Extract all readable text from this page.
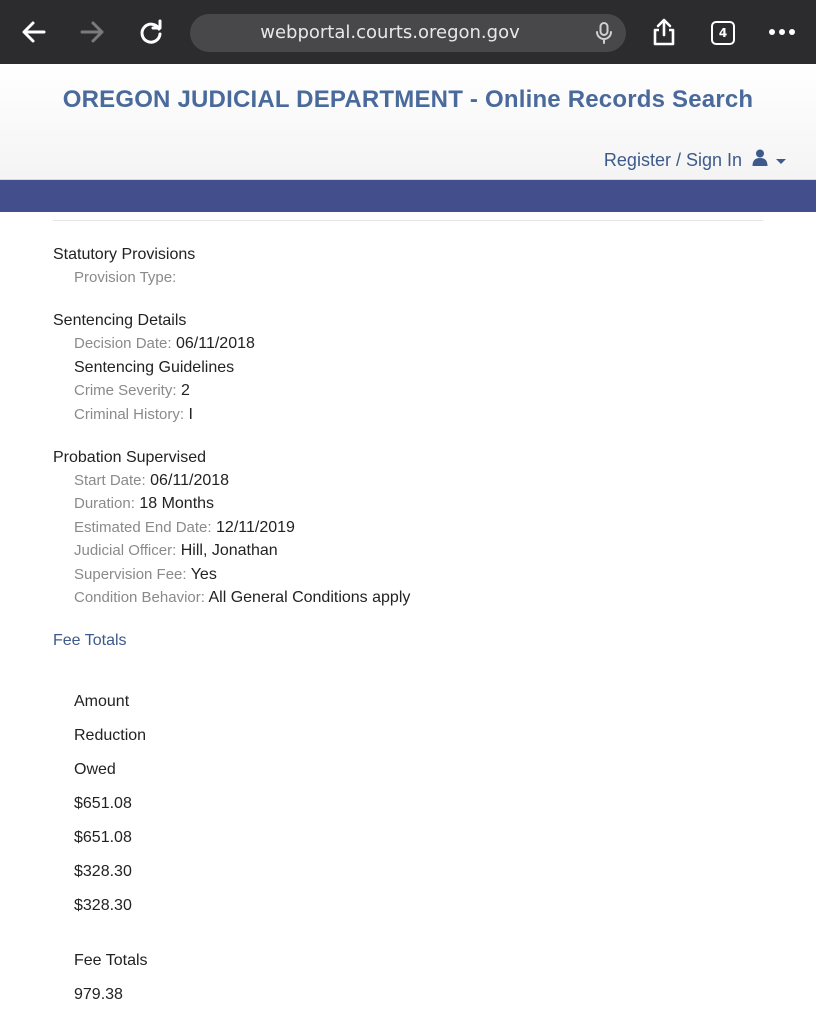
webportal.courts.oregon.gov	4
OREGON JUDICIAL DEPARTMENT - Online Records Search
Register / Sign In
Statutory Provisions
Provision Type:
Sentencing Details
Decision Date: 06/11/2018
Sentencing Guidelines
Crime Severity: 2
Criminal History: I
Probation Supervised
Start Date: 06/11/2018
Duration: 18 Months
Estimated End Date: 12/11/2019
Judicial Officer: Hill, Jonathan
Supervision Fee: Yes
Condition Behavior: All General Conditions apply
Fee Totals
Amount
Reduction
Owed
$651.08
$651.08
$328.30
$328.30
Fee Totals
979.38
